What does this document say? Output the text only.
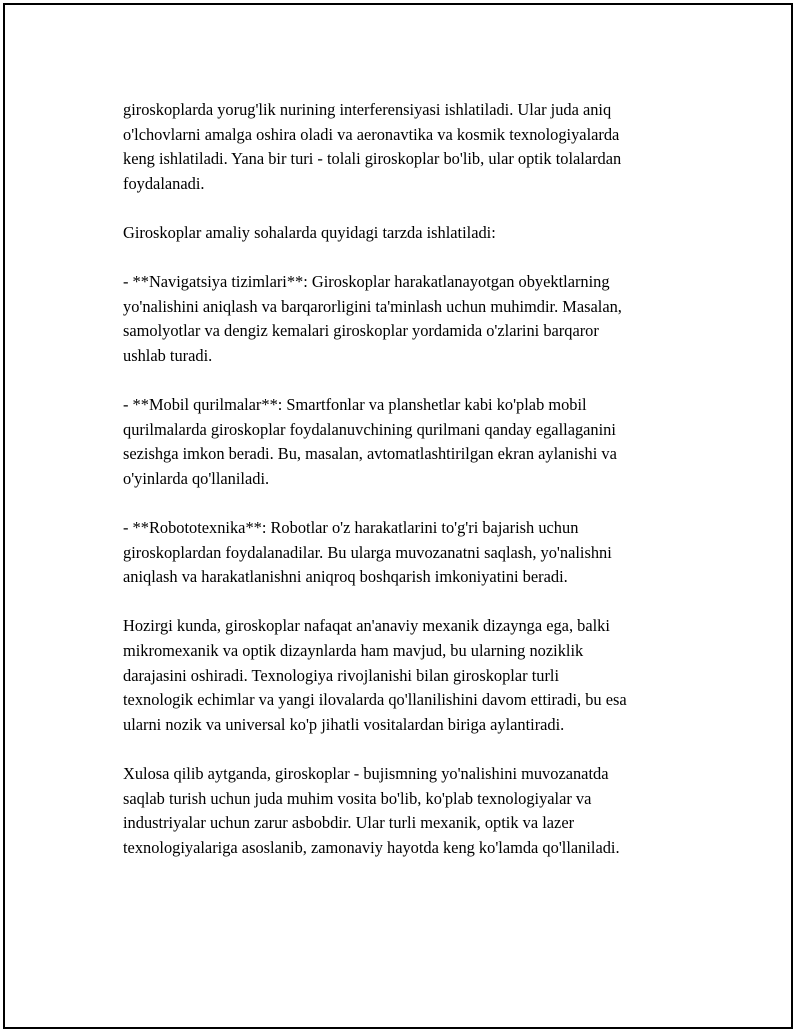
giroskoplarda yorug'lik nurining interferensiyasi ishlatiladi. Ular juda aniq
o'lchovlarni amalga oshira oladi va aeronavtika va kosmik texnologiyalarda
keng ishlatiladi. Yana bir turi - tolali giroskoplar bo'lib, ular optik tolalardan
foydalanadi.

Giroskoplar amaliy sohalarda quyidagi tarzda ishlatiladi:

- **Navigatsiya tizimlari**: Giroskoplar harakatlanayotgan obyektlarning
yo'nalishini aniqlash va barqarorligini ta'minlash uchun muhimdir. Masalan,
samolyotlar va dengiz kemalari giroskoplar yordamida o'zlarini barqaror
ushlab turadi.

- **Mobil qurilmalar**: Smartfonlar va planshetlar kabi ko'plab mobil
qurilmalarda giroskoplar foydalanuvchining qurilmani qanday egallaganini
sezishga imkon beradi. Bu, masalan, avtomatlashtirilgan ekran aylanishi va
o'yinlarda qo'llaniladi.

- **Robototexnika**: Robotlar o'z harakatlarini to'g'ri bajarish uchun
giroskoplardan foydalanadilar. Bu ularga muvozanatni saqlash, yo'nalishni
aniqlash va harakatlanishni aniqroq boshqarish imkoniyatini beradi.

Hozirgi kunda, giroskoplar nafaqat an'anaviy mexanik dizaynga ega, balki
mikromexanik va optik dizaynlarda ham mavjud, bu ularning noziklik
darajasini oshiradi. Texnologiya rivojlanishi bilan giroskoplar turli
texnologik echimlar va yangi ilovalarda qo'llanilishini davom ettiradi, bu esa
ularni nozik va universal ko'p jihatli vositalardan biriga aylantiradi.

Xulosa qilib aytganda, giroskoplar - bujismning yo'nalishini muvozanatda
saqlab turish uchun juda muhim vosita bo'lib, ko'plab texnologiyalar va
industriyalar uchun zarur asbobdir. Ular turli mexanik, optik va lazer
texnologiyalariga asoslanib, zamonaviy hayotda keng ko'lamda qo'llaniladi.
